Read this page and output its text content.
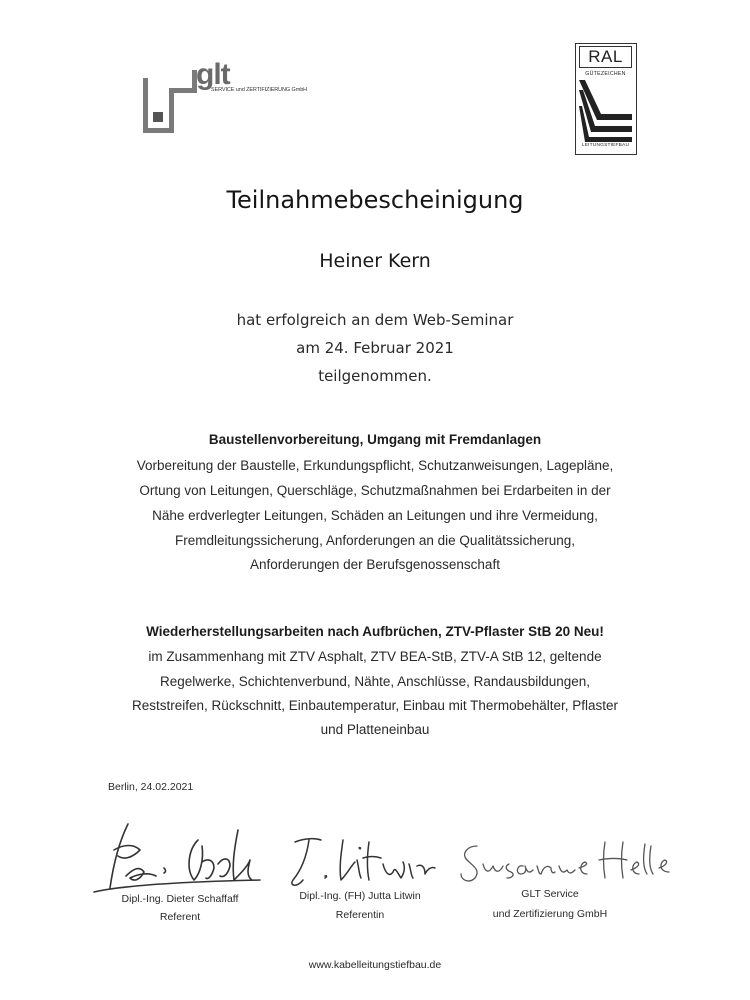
glt
SERVICE und ZERTIFIZIERUNG GmbH
RAL
GÜTEZEICHEN
LEITUNGSTIEFBAU
Teilnahmebescheinigung
Heiner Kern
hat erfolgreich an dem Web-Seminar
am 24. Februar 2021
teilgenommen.
Baustellenvorbereitung, Umgang mit Fremdanlagen
Vorbereitung der Baustelle, Erkundungspflicht, Schutzanweisungen, Lagepläne,
Ortung von Leitungen, Querschläge, Schutzmaßnahmen bei Erdarbeiten in der
Nähe erdverlegter Leitungen, Schäden an Leitungen und ihre Vermeidung,
Fremdleitungssicherung, Anforderungen an die Qualitätssicherung,
Anforderungen der Berufsgenossenschaft
Wiederherstellungsarbeiten nach Aufbrüchen, ZTV-Pflaster StB 20 Neu!
im Zusammenhang mit ZTV Asphalt, ZTV BEA-StB, ZTV-A StB 12, geltende
Regelwerke, Schichtenverbund, Nähte, Anschlüsse, Randausbildungen,
Reststreifen, Rückschnitt, Einbautemperatur, Einbau mit Thermobehälter, Pflaster
und Platteneinbau
Berlin, 24.02.2021
Dipl.-Ing. Dieter Schaffaff
Referent
Dipl.-Ing. (FH) Jutta Litwin
Referentin
GLT Service
und Zertifizierung GmbH
www.kabelleitungstiefbau.de
